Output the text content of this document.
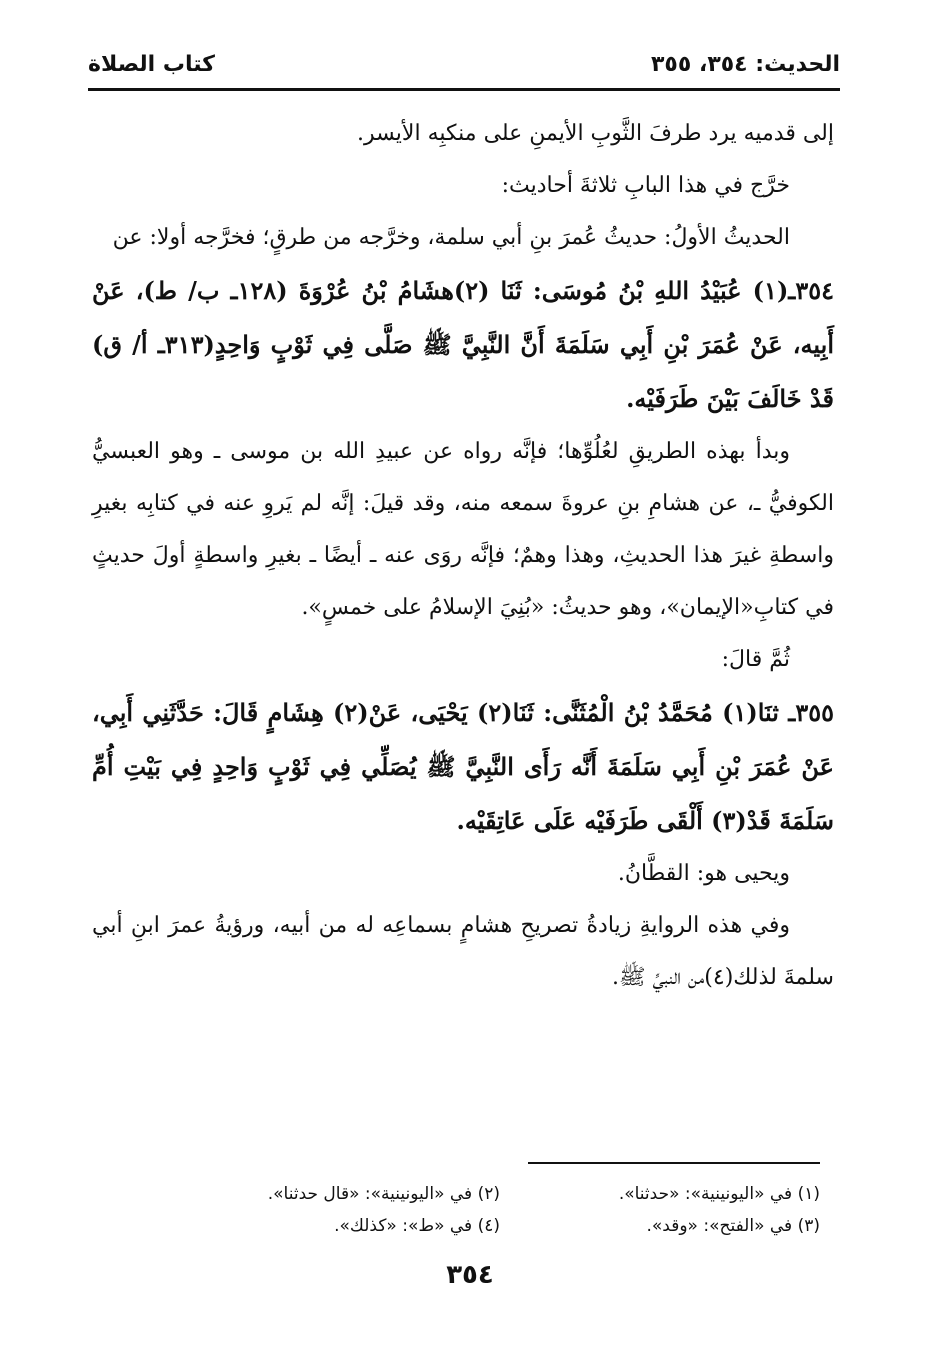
الحديث: ٣٥٤، ٣٥٥
كتاب الصلاة

إلى قدميه يرد طرفَ الثَّوبِ الأيمنِ على منكبِه الأيسر.

خرَّج في هذا البابِ ثلاثةَ أحاديث:

الحديثُ الأولُ: حديثُ عُمرَ بنِ أبي سلمة، وخرَّجه من طرقٍ؛ فخرَّجه أولا: عن

٣٥٤ـ(١) عُبَيْدُ اللهِ بْنُ مُوسَى: ثَنَا (٢)هشَامُ بْنُ عُرْوَةَ (١٢٨ـ ب/ ط)، عَنْ أَبِيه، عَنْ عُمَرَ بْنِ أَبِي سَلَمَةَ أَنَّ النَّبِيَّ ﷺ صَلَّى فِي ثَوْبٍ وَاحِدٍ(٣١٣ـ أ/ ق) قَدْ خَالَفَ بَيْنَ طَرَفَيْه.

وبدأ بهذه الطريقِ لعُلُوِّها؛ فإنَّه رواه عن عبيدِ الله بن موسى ـ وهو العبسيُّ الكوفيُّ ـ، عن هشامِ بنِ عروةَ سمعه منه، وقد قيلَ: إنَّه لم يَروِ عنه في كتابِه بغيرِ واسطةِ غيرَ هذا الحديثِ، وهذا وهمٌ؛ فإنَّه روَى عنه ـ أيضًا ـ بغيرِ واسطةٍ أولَ حديثٍ في كتابِ«الإيمان»، وهو حديثُ: «بُنِيَ الإسلامُ على خمسٍ».

ثُمَّ قالَ:

٣٥٥ـ ثنَا(١) مُحَمَّدُ بْنُ الْمُثَنَّى: ثَنَا(٢) يَحْيَى، عَنْ(٢) هِشَامٍ قَالَ: حَدَّثَنِي أَبِي، عَنْ عُمَرَ بْنِ أَبِي سَلَمَةَ أَنَّه رَأَى النَّبِيَّ ﷺ يُصَلِّي فِي ثَوْبٍ وَاحِدٍ فِي بَيْتِ أُمِّ سَلَمَةَ قَدْ(٣) أَلْقَى طَرَفَيْه عَلَى عَاتِقَيْه.

ويحيى هو: القطَّانُ.

وفي هذه الروايةِ زيادةُ تصريحِ هشامٍ بسماعِه له من أبيه، ورؤيةُ عمرَ ابنِ أبي سلمةَ لذلك(٤)من النبيِّ ﷺ.

(١) في «اليونينية»: «حدثنا».
(٢) في «اليونينية»: «قال حدثنا».
(٣) في «الفتح»: «وقد».
(٤) في «ط»: «كذلك».
٣٥٤
